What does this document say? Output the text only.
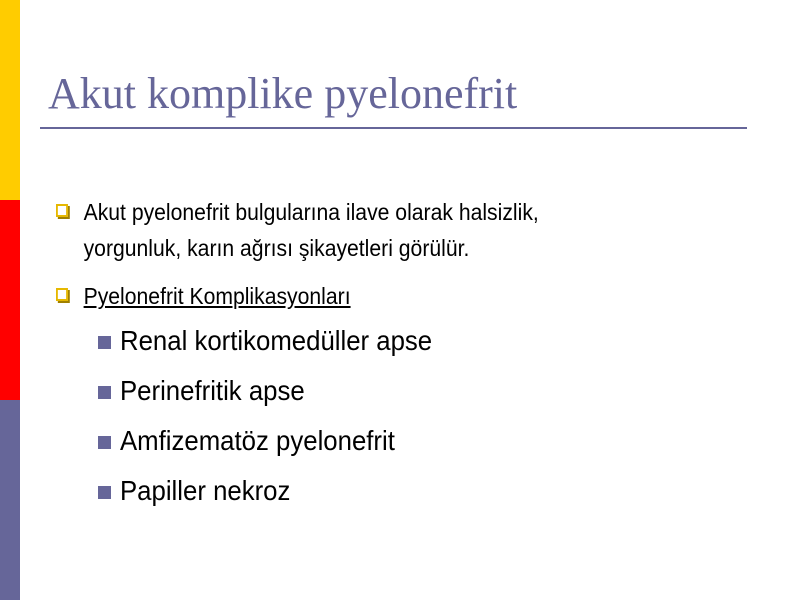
Akut komplike pyelonefrit
Akut pyelonefrit bulgularına ilave olarak halsizlik,
yorgunluk, karın ağrısı şikayetleri görülür.
Pyelonefrit Komplikasyonları
Renal kortikomedüller apse
Perinefritik apse
Amfizematöz pyelonefrit
Papiller nekroz
